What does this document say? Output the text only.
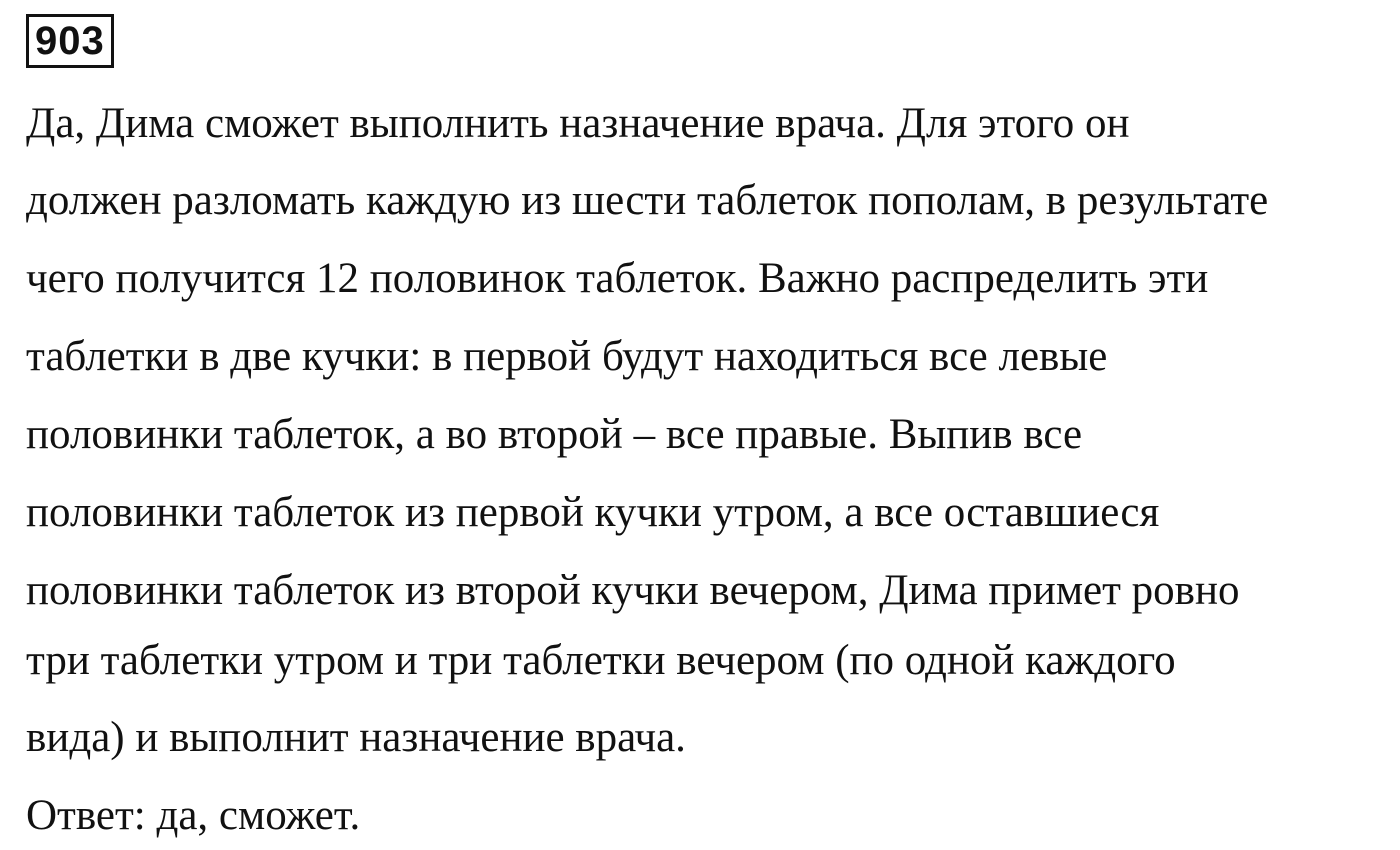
903
Да, Дима сможет выполнить назначение врача. Для этого он
должен разломать каждую из шести таблеток пополам, в результате
чего получится 12 половинок таблеток. Важно распределить эти
таблетки в две кучки: в первой будут находиться все левые
половинки таблеток, а во второй – все правые. Выпив все
половинки таблеток из первой кучки утром, а все оставшиеся
половинки таблеток из второй кучки вечером, Дима примет ровно
три таблетки утром и три таблетки вечером (по одной каждого
вида) и выполнит назначение врача.
Ответ: да, сможет.
